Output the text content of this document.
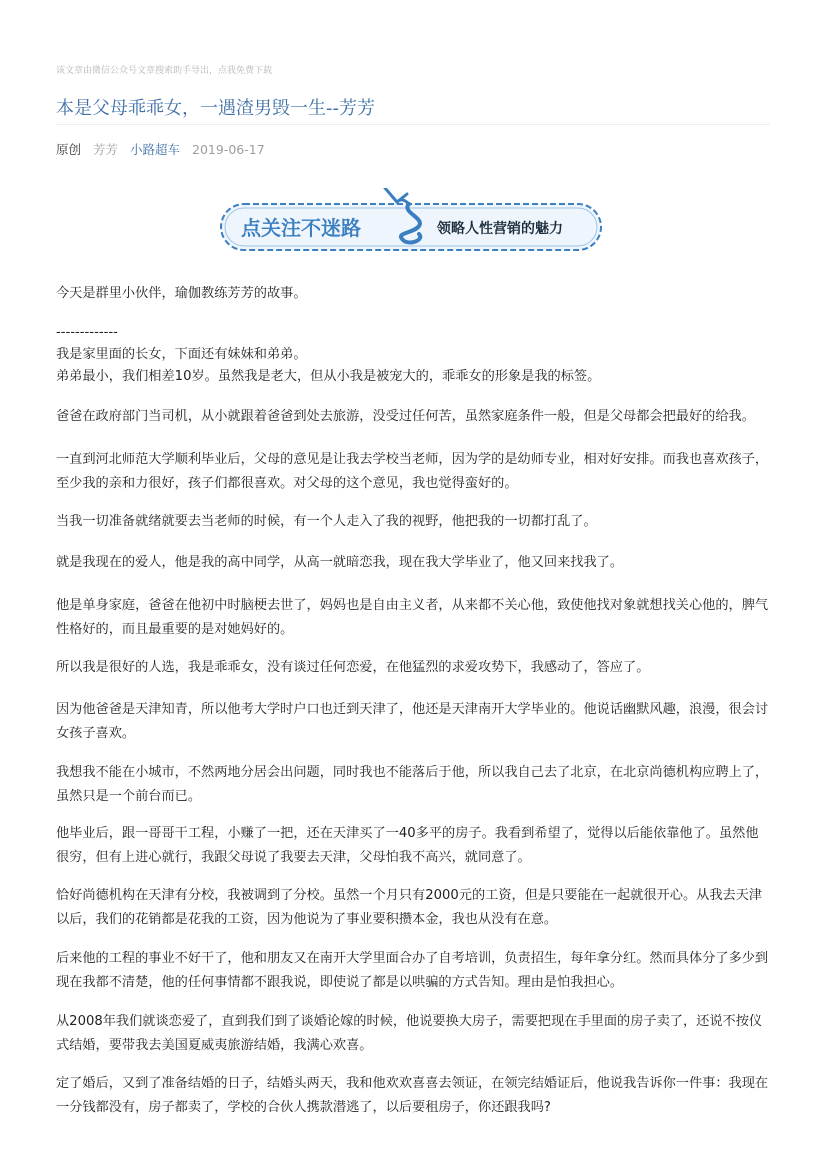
该文章由微信公众号文章搜索助手导出，点我免费下载
本是父母乖乖女，一遇渣男毁一生--芳芳
原创 芳芳 小路超车 2019-06-17
点关注不迷路	领略人性营销的魅力

今天是群里小伙伴，瑜伽教练芳芳的故事。

-------------

我是家里面的长女，下面还有妹妹和弟弟。

弟弟最小，我们相差10岁。虽然我是老大，但从小我是被宠大的，乖乖女的形象是我的标签。

爸爸在政府部门当司机，从小就跟着爸爸到处去旅游，没受过任何苦，虽然家庭条件一般，但是父母都会把最好的给我。

一直到河北师范大学顺利毕业后，父母的意见是让我去学校当老师，因为学的是幼师专业，相对好安排。而我也喜欢孩子，至少我的亲和力很好，孩子们都很喜欢。对父母的这个意见，我也觉得蛮好的。

当我一切准备就绪就要去当老师的时候，有一个人走入了我的视野，他把我的一切都打乱了。

就是我现在的爱人，他是我的高中同学，从高一就暗恋我，现在我大学毕业了，他又回来找我了。

他是单身家庭，爸爸在他初中时脑梗去世了，妈妈也是自由主义者，从来都不关心他，致使他找对象就想找关心他的，脾气性格好的，而且最重要的是对她妈好的。

所以我是很好的人选，我是乖乖女，没有谈过任何恋爱，在他猛烈的求爱攻势下，我感动了，答应了。

因为他爸爸是天津知青，所以他考大学时户口也迁到天津了，他还是天津南开大学毕业的。他说话幽默风趣，浪漫，很会讨女孩子喜欢。

我想我不能在小城市，不然两地分居会出问题，同时我也不能落后于他，所以我自己去了北京，在北京尚德机构应聘上了，虽然只是一个前台而已。

他毕业后，跟一哥哥干工程，小赚了一把，还在天津买了一40多平的房子。我看到希望了，觉得以后能依靠他了。虽然他很穷，但有上进心就行，我跟父母说了我要去天津，父母怕我不高兴，就同意了。

恰好尚德机构在天津有分校，我被调到了分校。虽然一个月只有2000元的工资，但是只要能在一起就很开心。从我去天津以后，我们的花销都是花我的工资，因为他说为了事业要积攒本金，我也从没有在意。

后来他的工程的事业不好干了，他和朋友又在南开大学里面合办了自考培训，负责招生，每年拿分红。然而具体分了多少到现在我都不清楚，他的任何事情都不跟我说，即使说了都是以哄骗的方式告知。理由是怕我担心。

从2008年我们就谈恋爱了，直到我们到了谈婚论嫁的时候，他说要换大房子，需要把现在手里面的房子卖了，还说不按仪式结婚，要带我去美国夏威夷旅游结婚，我满心欢喜。

定了婚后，又到了准备结婚的日子，结婚头两天，我和他欢欢喜喜去领证，在领完结婚证后，他说我告诉你一件事：我现在一分钱都没有，房子都卖了，学校的合伙人携款潜逃了，以后要租房子，你还跟我吗?
